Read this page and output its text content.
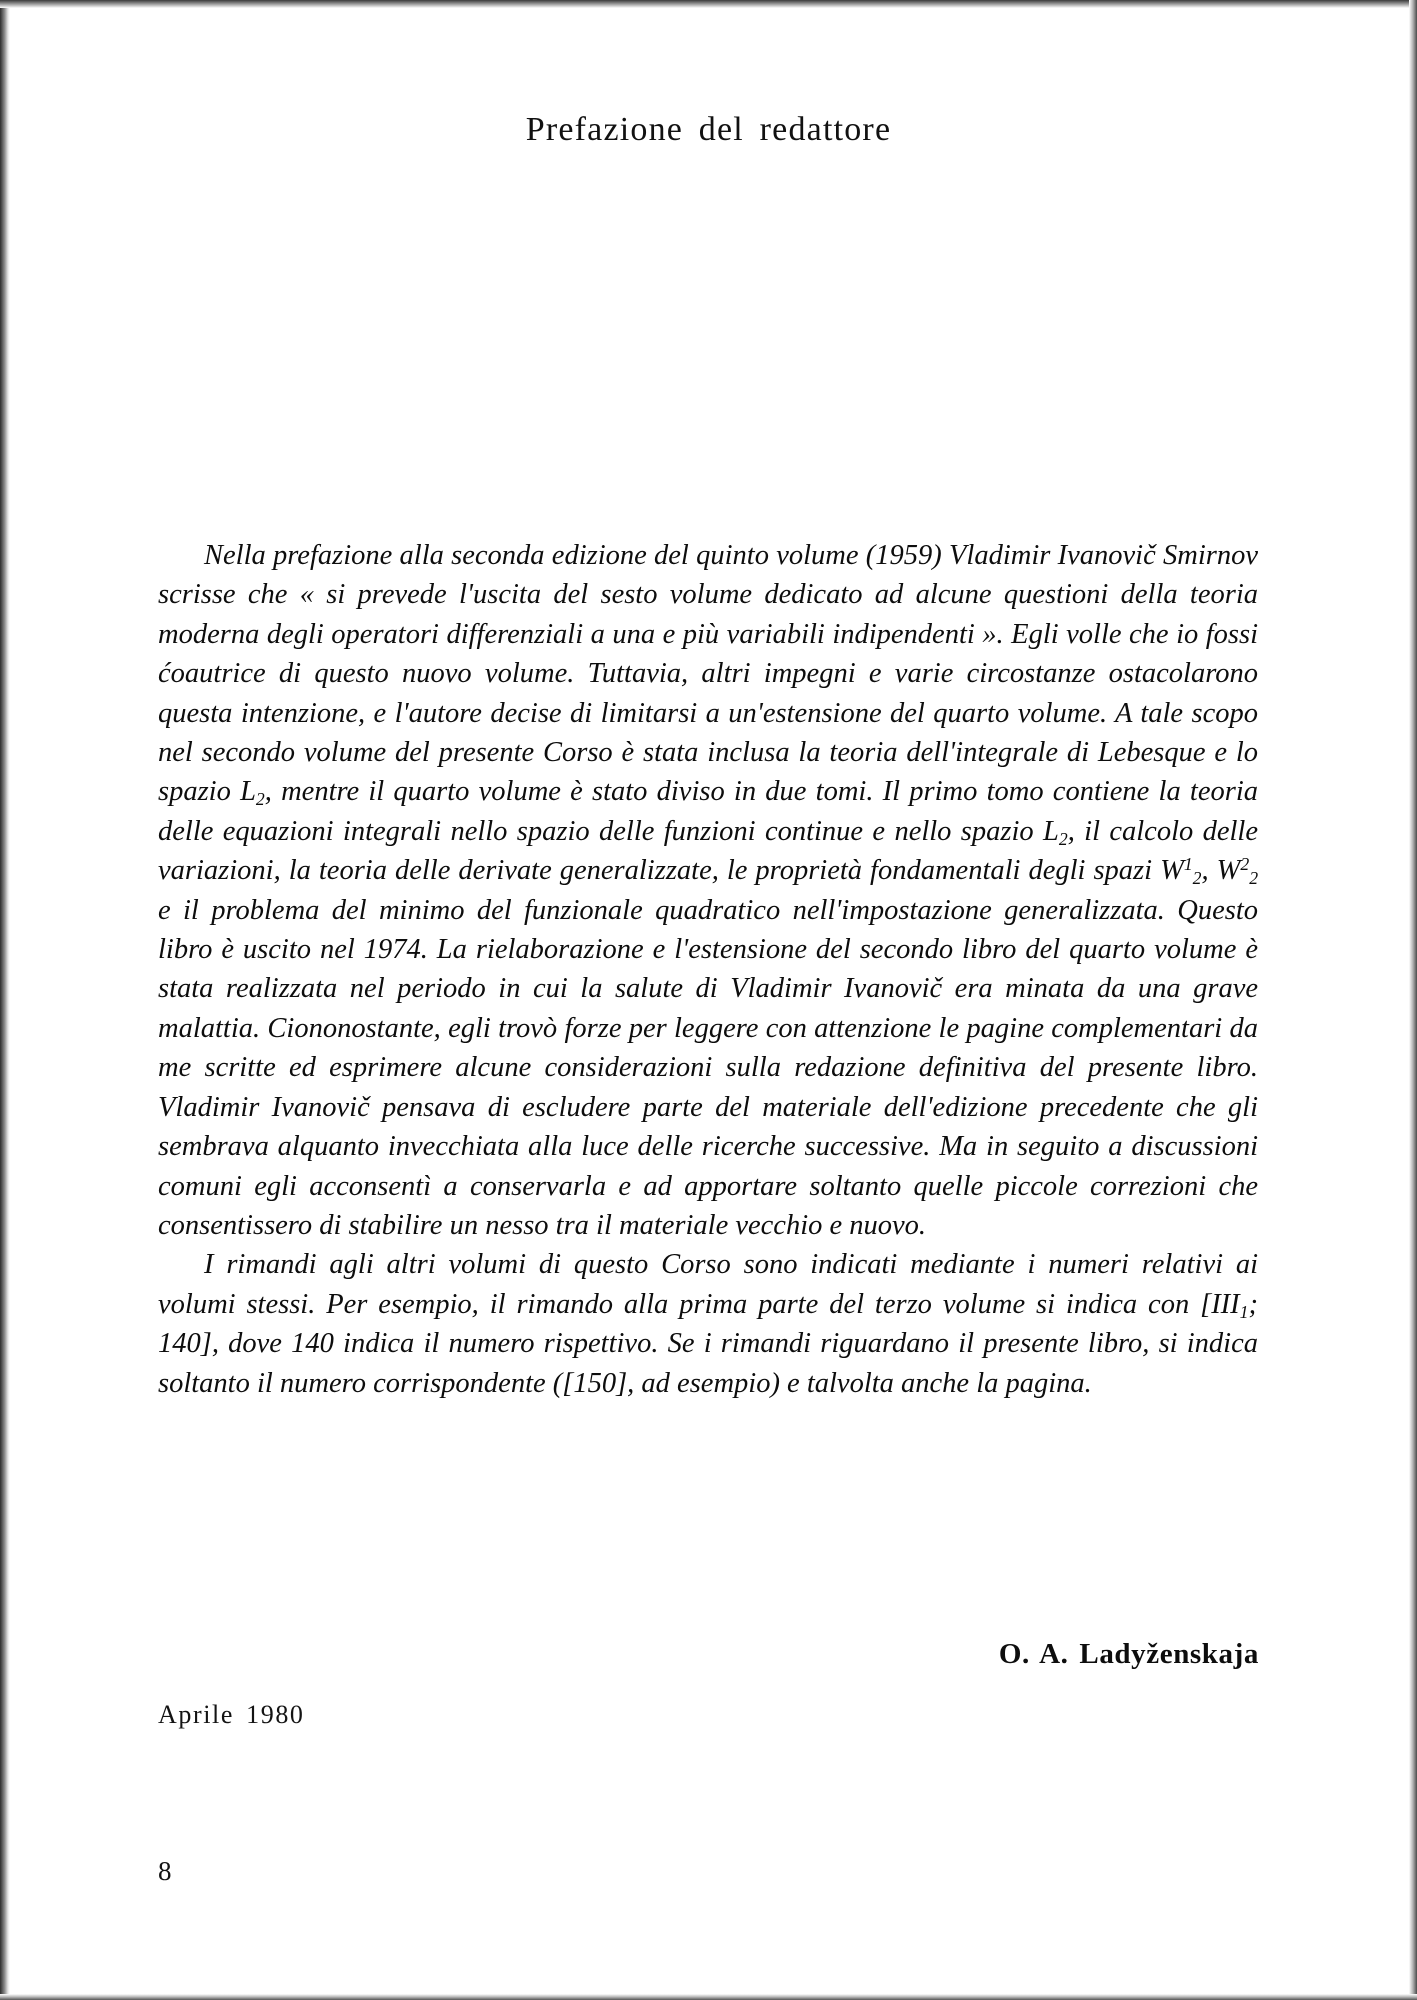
Prefazione del redattore

Nella prefazione alla seconda edizione del quinto volume (1959) Vladimir Ivanovič Smirnov scrisse che « si prevede l'uscita del sesto volume dedicato ad alcune questioni della teoria moderna degli operatori differenziali a una e più variabili indipendenti ». Egli volle che io fossi ćoautrice di questo nuovo volume. Tuttavia, altri impegni e varie circostanze ostacolarono questa intenzione, e l'autore decise di limitarsi a un'estensione del quarto volume. A tale scopo nel secondo volume del presente Corso è stata inclusa la teoria dell'integrale di Lebesque e lo spazio $L_2$, mentre il quarto volume è stato diviso in due tomi. Il primo tomo contiene la teoria delle equazioni integrali nello spazio delle funzioni continue e nello spazio $L_2$, il calcolo delle variazioni, la teoria delle derivate generalizzate, le proprietà fondamentali degli spazi $W^1_2$, $W^2_2$ e il problema del minimo del funzionale quadratico nell'impostazione generalizzata. Questo libro è uscito nel 1974. La rielaborazione e l'estensione del secondo libro del quarto volume è stata realizzata nel periodo in cui la salute di Vladimir Ivanovič era minata da una grave malattia. Ciononostante, egli trovò forze per leggere con attenzione le pagine complementari da me scritte ed esprimere alcune considerazioni sulla redazione definitiva del presente libro. Vladimir Ivanovič pensava di escludere parte del materiale dell'edizione precedente che gli sembrava alquanto invecchiata alla luce delle ricerche successive. Ma in seguito a discussioni comuni egli acconsentì a conservarla e ad apportare soltanto quelle piccole correzioni che consentissero di stabilire un nesso tra il materiale vecchio e nuovo.

I rimandi agli altri volumi di questo Corso sono indicati mediante i numeri relativi ai volumi stessi. Per esempio, il rimando alla prima parte del terzo volume si indica con [$III_1$; 140], dove 140 indica il numero rispettivo. Se i rimandi riguardano il presente libro, si indica soltanto il numero corrispondente ([150], ad esempio) e talvolta anche la pagina.

O. A. Ladyženskaja
Aprile 1980
8
